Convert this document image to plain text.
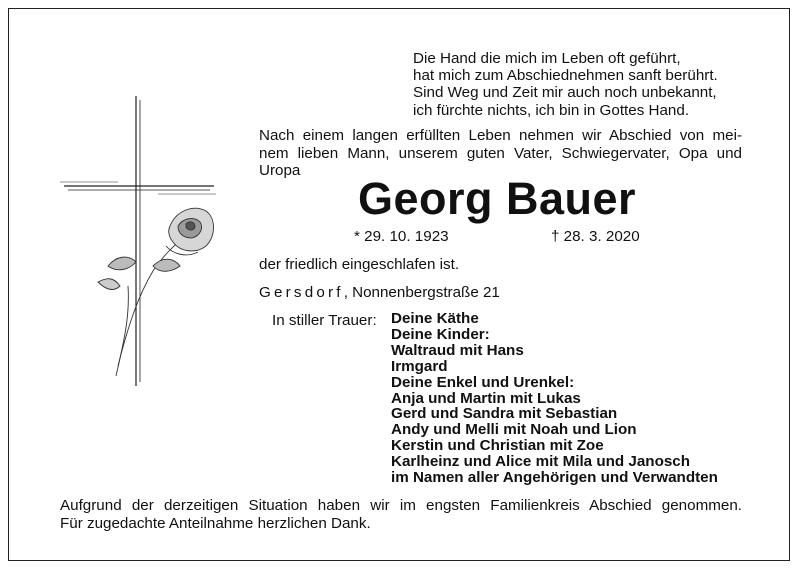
Die Hand die mich im Leben oft geführt,
hat mich zum Abschiednehmen sanft berührt.
Sind Weg und Zeit mir auch noch unbekannt,
ich fürchte nichts, ich bin in Gottes Hand.
Nach einem langen erfüllten Leben nehmen wir Abschied von mei-
nem lieben Mann, unserem guten Vater, Schwiegervater, Opa und
Uropa
Georg Bauer
* 29. 10. 1923	† 28. 3. 2020
der friedlich eingeschlafen ist.
Gersdorf, Nonnenbergstraße 21
In stiller Trauer: Deine Käthe
Deine Kinder:
Waltraud mit Hans
Irmgard
Deine Enkel und Urenkel:
Anja und Martin mit Lukas
Gerd und Sandra mit Sebastian
Andy und Melli mit Noah und Lion
Kerstin und Christian mit Zoe
Karlheinz und Alice mit Mila und Janosch
im Namen aller Angehörigen und Verwandten
Aufgrund der derzeitigen Situation haben wir im engsten Familienkreis Abschied genommen.
Für zugedachte Anteilnahme herzlichen Dank.
